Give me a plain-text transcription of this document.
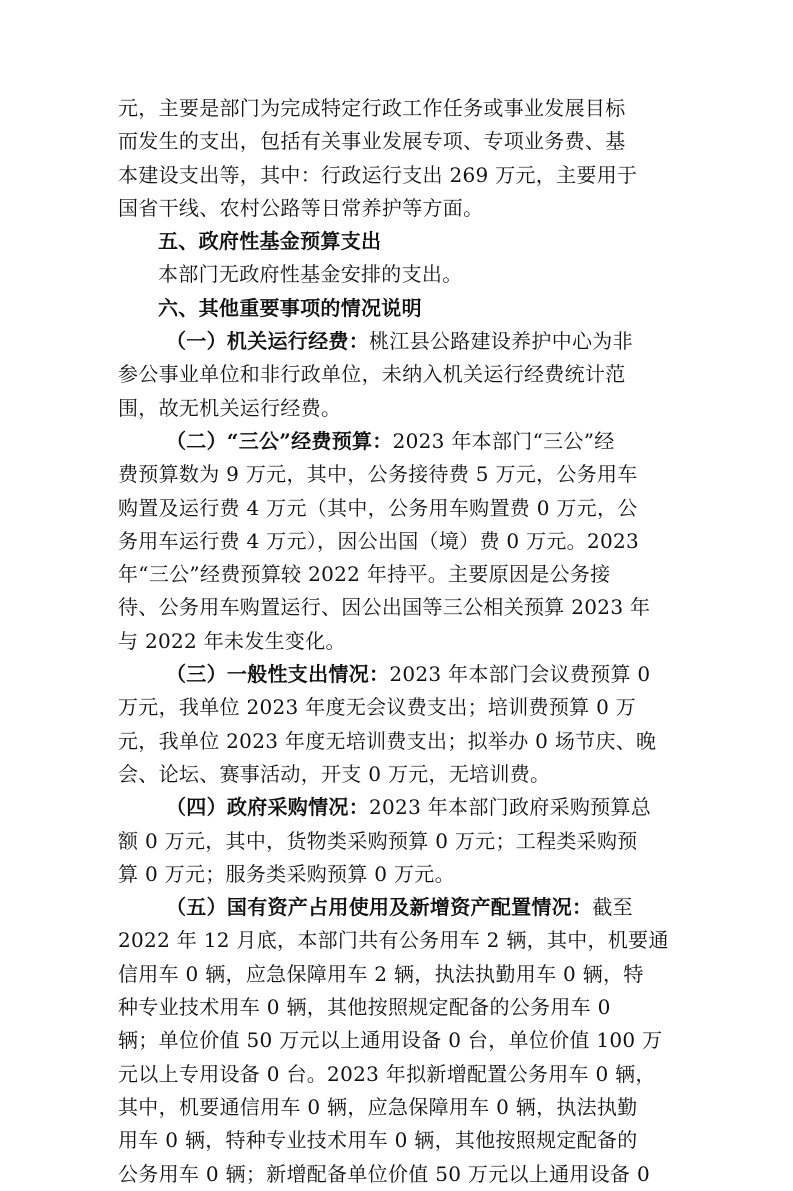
元，主要是部门为完成特定行政工作任务或事业发展目标
而发生的支出，包括有关事业发展专项、专项业务费、基
本建设支出等，其中：行政运行支出 269 万元，主要用于
国省干线、农村公路等日常养护等方面。
五、政府性基金预算支出
本部门无政府性基金安排的支出。
六、其他重要事项的情况说明
（一）机关运行经费：桃江县公路建设养护中心为非
参公事业单位和非行政单位，未纳入机关运行经费统计范
围，故无机关运行经费。
（二）“三公”经费预算：2023 年本部门“三公”经
费预算数为 9 万元，其中，公务接待费 5 万元，公务用车
购置及运行费 4 万元（其中，公务用车购置费 0 万元，公
务用车运行费 4 万元），因公出国（境）费 0 万元。2023
年“三公”经费预算较 2022 年持平。主要原因是公务接
待、公务用车购置运行、因公出国等三公相关预算 2023 年
与 2022 年未发生变化。
（三）一般性支出情况：2023 年本部门会议费预算 0
万元，我单位 2023 年度无会议费支出；培训费预算 0 万
元，我单位 2023 年度无培训费支出；拟举办 0 场节庆、晚
会、论坛、赛事活动，开支 0 万元，无培训费。
（四）政府采购情况：2023 年本部门政府采购预算总
额 0 万元，其中，货物类采购预算 0 万元；工程类采购预
算 0 万元；服务类采购预算 0 万元。
（五）国有资产占用使用及新增资产配置情况：截至
2022 年 12 月底，本部门共有公务用车 2 辆，其中，机要通
信用车 0 辆，应急保障用车 2 辆，执法执勤用车 0 辆，特
种专业技术用车 0 辆，其他按照规定配备的公务用车 0
辆；单位价值 50 万元以上通用设备 0 台，单位价值 100 万
元以上专用设备 0 台。2023 年拟新增配置公务用车 0 辆，
其中，机要通信用车 0 辆，应急保障用车 0 辆，执法执勤
用车 0 辆，特种专业技术用车 0 辆，其他按照规定配备的
公务用车 0 辆；新增配备单位价值 50 万元以上通用设备 0
